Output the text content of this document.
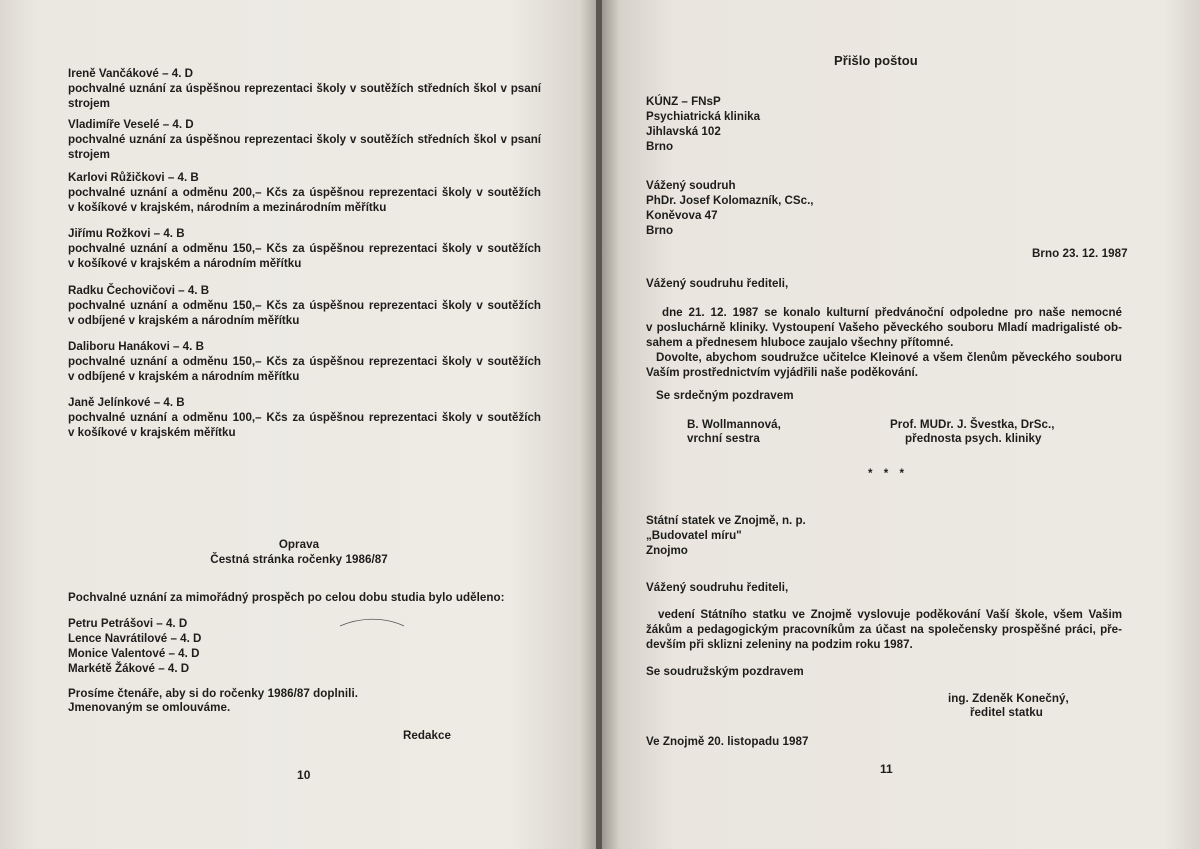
Ireně Vančákové – 4. D
pochvalné uznání za úspěšnou reprezentaci školy v soutěžích středních škol v psaní
strojem
Vladimíře Veselé – 4. D
pochvalné uznání za úspěšnou reprezentaci školy v soutěžích středních škol v psaní
strojem
Karlovi Růžičkovi – 4. B
pochvalné uznání a odměnu 200,– Kčs za úspěšnou reprezentaci školy v soutěžích
v košíkové v krajském, národním a mezinárodním měřítku
Jiřímu Rožkovi – 4. B
pochvalné uznání a odměnu 150,– Kčs za úspěšnou reprezentaci školy v soutěžích
v košíkové v krajském a národním měřítku
Radku Čechovičovi – 4. B
pochvalné uznání a odměnu 150,– Kčs za úspěšnou reprezentaci školy v soutěžích
v odbíjené v krajském a národním měřítku
Daliboru Hanákovi – 4. B
pochvalné uznání a odměnu 150,– Kčs za úspěšnou reprezentaci školy v soutěžích
v odbíjené v krajském a národním měřítku
Janě Jelínkové – 4. B
pochvalné uznání a odměnu 100,– Kčs za úspěšnou reprezentaci školy v soutěžích
v košíkové v krajském měřítku
Oprava
Čestná stránka ročenky 1986/87
Pochvalné uznání za mimořádný prospěch po celou dobu studia bylo uděleno:
Petru Petrášovi – 4. D
Lence Navrátilové – 4. D
Monice Valentové – 4. D
Markétě Žákové – 4. D
Prosíme čtenáře, aby si do ročenky 1986/87 doplnili.
Jmenovaným se omlouváme.
Redakce
10
Přišlo poštou
KÚNZ – FNsP
Psychiatrická klinika
Jihlavská 102
Brno
Vážený soudruh
PhDr. Josef Kolomazník, CSc.,
Koněvova 47
Brno
Brno 23. 12. 1987
Vážený soudruhu řediteli,
dne 21. 12. 1987 se konalo kulturní předvánoční odpoledne pro naše nemocné
v posluchárně kliniky. Vystoupení Vašeho pěveckého souboru Mladí madrigalisté ob-
sahem a přednesem hluboce zaujalo všechny přítomné.
Dovolte, abychom soudružce učitelce Kleinové a všem členům pěveckého souboru
Vaším prostřednictvím vyjádřili naše poděkování.
Se srdečným pozdravem
B. Wollmannová,
vrchní sestra
Prof. MUDr. J. Švestka, DrSc.,
přednosta psych. kliniky
* * *
Státní statek ve Znojmě, n. p.
„Budovatel míru"
Znojmo
Vážený soudruhu řediteli,
vedení Státního statku ve Znojmě vyslovuje poděkování Vaší škole, všem Vašim
žákům a pedagogickým pracovníkům za účast na společensky prospěšné práci, pře-
devším při sklizni zeleniny na podzim roku 1987.
Se soudružským pozdravem
ing. Zdeněk Konečný,
ředitel statku
Ve Znojmě 20. listopadu 1987
11
